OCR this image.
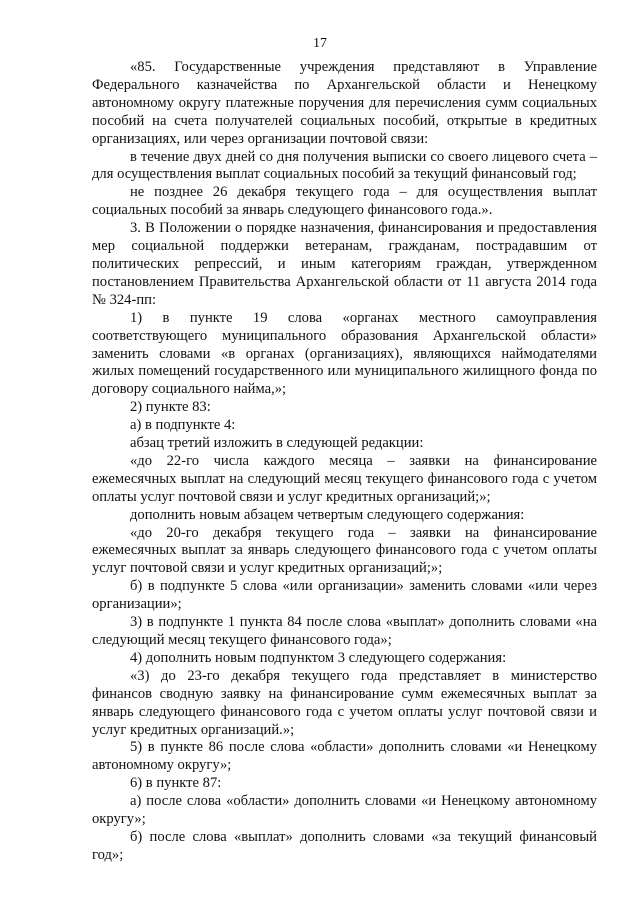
17

«85. Государственные учреждения представляют в Управление Федерального казначейства по Архангельской области и Ненецкому автономному округу платежные поручения для перечисления сумм социальных пособий на счета получателей социальных пособий, открытые в кредитных организациях, или через организации почтовой связи:

в течение двух дней со дня получения выписки со своего лицевого счета – для осуществления выплат социальных пособий за текущий финансовый год;

не позднее 26 декабря текущего года – для осуществления выплат социальных пособий за январь следующего финансового года.».

3. В Положении о порядке назначения, финансирования и предоставления мер социальной поддержки ветеранам, гражданам, пострадавшим от политических репрессий, и иным категориям граждан, утвержденном постановлением Правительства Архангельской области от 11 августа 2014 года № 324-пп:

1) в пункте 19 слова «органах местного самоуправления соответствующего муниципального образования Архангельской области» заменить словами «в органах (организациях), являющихся наймодателями жилых помещений государственного или муниципального жилищного фонда по договору социального найма,»;

2) пункте 83:

а) в подпункте 4:

абзац третий изложить в следующей редакции:

«до 22-го числа каждого месяца – заявки на финансирование ежемесячных выплат на следующий месяц текущего финансового года с учетом оплаты услуг почтовой связи и услуг кредитных организаций;»;

дополнить новым абзацем четвертым следующего содержания:

«до 20-го декабря текущего года – заявки на финансирование ежемесячных выплат за январь следующего финансового года с учетом оплаты услуг почтовой связи и услуг кредитных организаций;»;

б) в подпункте 5 слова «или организации» заменить словами «или через организации»;

3) в подпункте 1 пункта 84 после слова «выплат» дополнить словами «на следующий месяц текущего финансового года»;

4) дополнить новым подпунктом 3 следующего содержания:

«3) до 23-го декабря текущего года представляет в министерство финансов сводную заявку на финансирование сумм ежемесячных выплат за январь следующего финансового года с учетом оплаты услуг почтовой связи и услуг кредитных организаций.»;

5) в пункте 86 после слова «области» дополнить словами «и Ненецкому автономному округу»;

6) в пункте 87:

а) после слова «области» дополнить словами «и Ненецкому автономному округу»;

б) после слова «выплат» дополнить словами «за текущий финансовый год»;
